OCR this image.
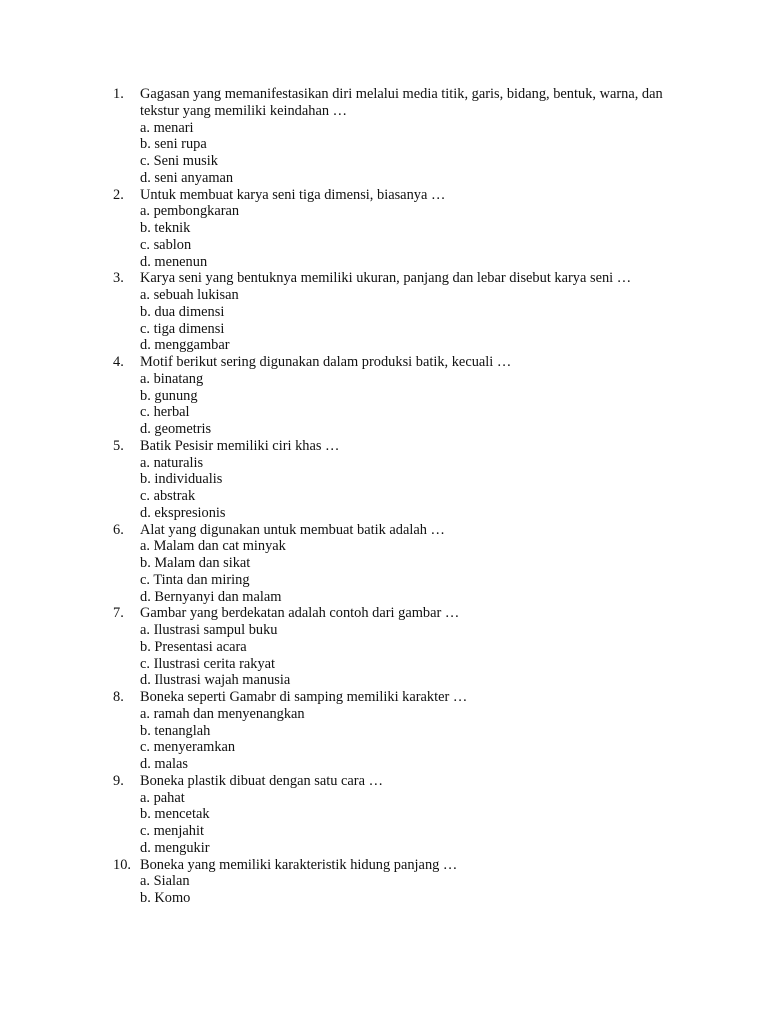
1.	Gagasan yang memanifestasikan diri melalui media titik, garis, bidang, bentuk, warna, dan tekstur yang memiliki keindahan …
a. menari
b. seni rupa
c. Seni musik
d. seni anyaman
2.	Untuk membuat karya seni tiga dimensi, biasanya …
a. pembongkaran
b. teknik
c. sablon
d. menenun
3.	Karya seni yang bentuknya memiliki ukuran, panjang dan lebar disebut karya seni …
a. sebuah lukisan
b. dua dimensi
c. tiga dimensi
d. menggambar
4.	Motif berikut sering digunakan dalam produksi batik, kecuali …
a. binatang
b. gunung
c. herbal
d. geometris
5.	Batik Pesisir memiliki ciri khas …
a. naturalis
b. individualis
c. abstrak
d. ekspresionis
6.	Alat yang digunakan untuk membuat batik adalah …
a. Malam dan cat minyak
b. Malam dan sikat
c. Tinta dan miring
d. Bernyanyi dan malam
7.	Gambar yang berdekatan adalah contoh dari gambar …
a. Ilustrasi sampul buku
b. Presentasi acara
c. Ilustrasi cerita rakyat
d. Ilustrasi wajah manusia
8.	Boneka seperti Gamabr di samping memiliki karakter …
a. ramah dan menyenangkan
b. tenanglah
c. menyeramkan
d. malas
9.	Boneka plastik dibuat dengan satu cara …
a. pahat
b. mencetak
c. menjahit
d. mengukir
10. Boneka yang memiliki karakteristik hidung panjang …
a. Sialan
b. Komo
